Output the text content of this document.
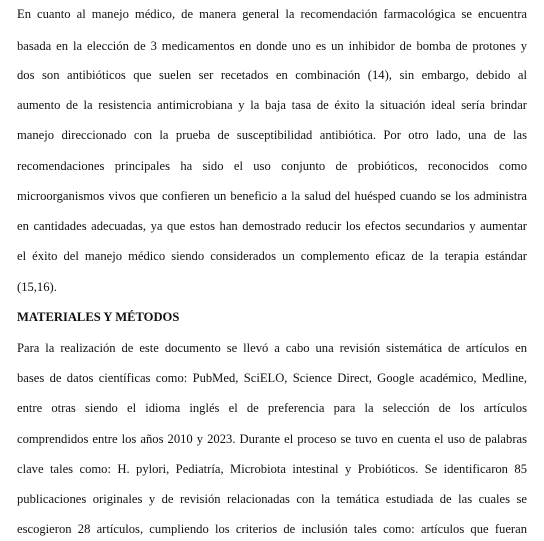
En cuanto al manejo médico, de manera general la recomendación farmacológica se encuentra
basada en la elección de 3 medicamentos en donde uno es un inhibidor de bomba de protones y
dos son antibióticos que suelen ser recetados en combinación (14), sin embargo, debido al
aumento de la resistencia antimicrobiana y la baja tasa de éxito la situación ideal sería brindar
manejo direccionado con la prueba de susceptibilidad antibiótica. Por otro lado, una de las
recomendaciones principales ha sido el uso conjunto de probióticos, reconocidos como
microorganismos vivos que confieren un beneficio a la salud del huésped cuando se los administra
en cantidades adecuadas, ya que estos han demostrado reducir los efectos secundarios y aumentar
el éxito del manejo médico siendo considerados un complemento eficaz de la terapia estándar
(15,16).
MATERIALES Y MÉTODOS
Para la realización de este documento se llevó a cabo una revisión sistemática de artículos en
bases de datos científicas como: PubMed, SciELO, Science Direct, Google académico, Medline,
entre otras siendo el idioma inglés el de preferencia para la selección de los artículos
comprendidos entre los años 2010 y 2023. Durante el proceso se tuvo en cuenta el uso de palabras
clave tales como: H. pylori, Pediatría, Microbiota intestinal y Probióticos. Se identificaron 85
publicaciones originales y de revisión relacionadas con la temática estudiada de las cuales se
escogieron 28 artículos, cumpliendo los criterios de inclusión tales como: artículos que fueran
